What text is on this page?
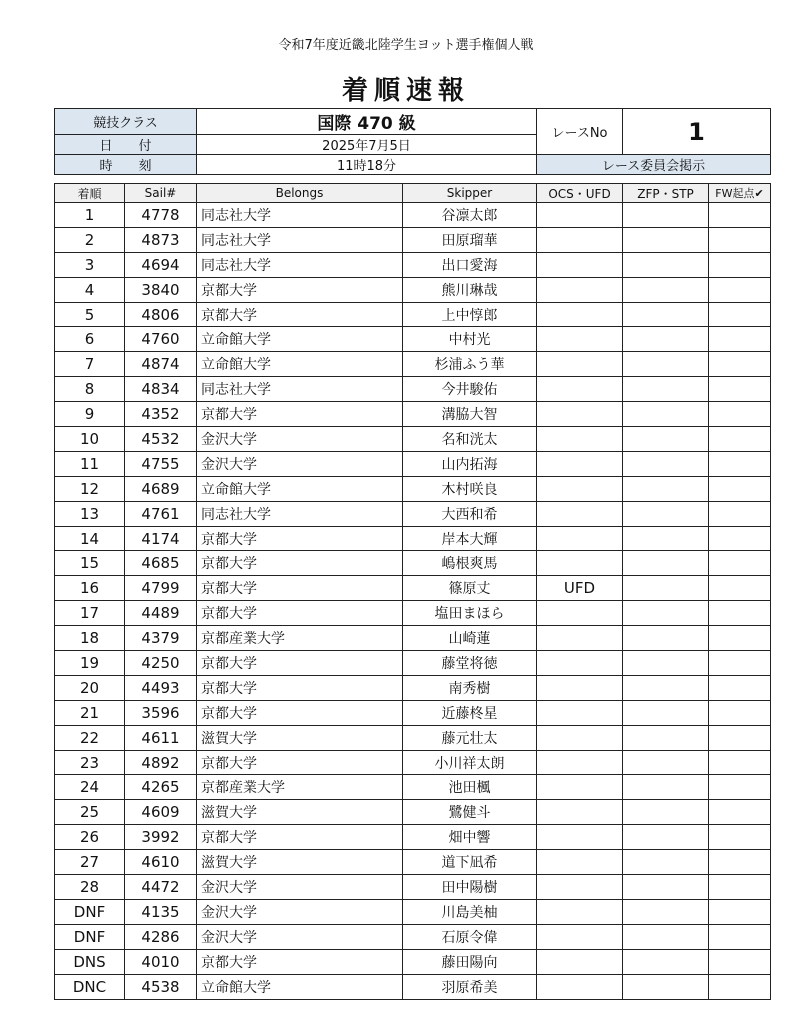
令和7年度近畿北陸学生ヨット選手権個人戦
着順速報
競技クラス	国際 470 級	レースNo	1
日　　付	2025年7月5日		
時　　刻	11時18分	レース委員会掲示	
着順	Sail#	Belongs	Skipper	OCS・UFD	ZFP・STP	FW起点✔
1	4778	同志社大学	谷凛太郎			
2	4873	同志社大学	田原瑠華			
3	4694	同志社大学	出口愛海			
4	3840	京都大学	熊川琳哉			
5	4806	京都大学	上中惇郎			
6	4760	立命館大学	中村光			
7	4874	立命館大学	杉浦ふう華			
8	4834	同志社大学	今井駿佑			
9	4352	京都大学	溝脇大智			
10	4532	金沢大学	名和洸太			
11	4755	金沢大学	山内拓海			
12	4689	立命館大学	木村咲良			
13	4761	同志社大学	大西和希			
14	4174	京都大学	岸本大輝			
15	4685	京都大学	嶋根爽馬			
16	4799	京都大学	篠原丈	UFD		
17	4489	京都大学	塩田まほら			
18	4379	京都産業大学	山崎蓮			
19	4250	京都大学	藤堂将徳			
20	4493	京都大学	南秀樹			
21	3596	京都大学	近藤柊星			
22	4611	滋賀大学	藤元壮太			
23	4892	京都大学	小川祥太朗			
24	4265	京都産業大学	池田楓			
25	4609	滋賀大学	鷺健斗			
26	3992	京都大学	畑中響			
27	4610	滋賀大学	道下凪希			
28	4472	金沢大学	田中陽樹			
DNF	4135	金沢大学	川島美柚			
DNF	4286	金沢大学	石原令偉			
DNS	4010	京都大学	藤田陽向			
DNC	4538	立命館大学	羽原希美			
